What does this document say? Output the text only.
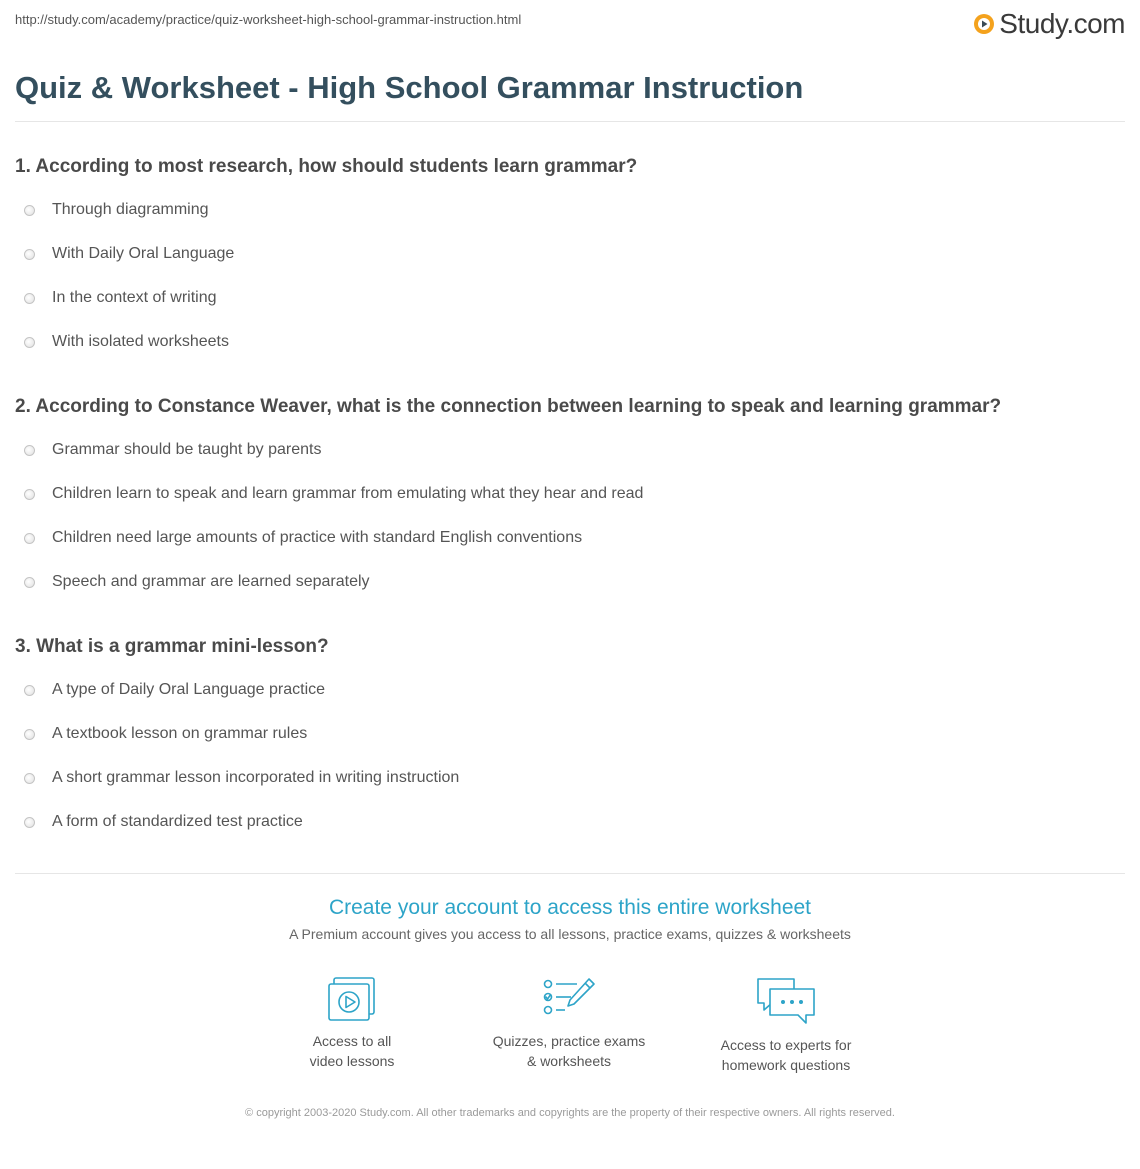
http://study.com/academy/practice/quiz-worksheet-high-school-grammar-instruction.html	Study.com
Quiz & Worksheet - High School Grammar Instruction
1. According to most research, how should students learn grammar?
Through diagramming
With Daily Oral Language
In the context of writing
With isolated worksheets
2. According to Constance Weaver, what is the connection between learning to speak and learning grammar?
Grammar should be taught by parents
Children learn to speak and learn grammar from emulating what they hear and read
Children need large amounts of practice with standard English conventions
Speech and grammar are learned separately
3. What is a grammar mini-lesson?
A type of Daily Oral Language practice
A textbook lesson on grammar rules
A short grammar lesson incorporated in writing instruction
A form of standardized test practice
Create your account to access this entire worksheet
A Premium account gives you access to all lessons, practice exams, quizzes & worksheets
Access to all
video lessons
Quizzes, practice exams
& worksheets
Access to experts for
homework questions
© copyright 2003-2020 Study.com. All other trademarks and copyrights are the property of their respective owners. All rights reserved.
